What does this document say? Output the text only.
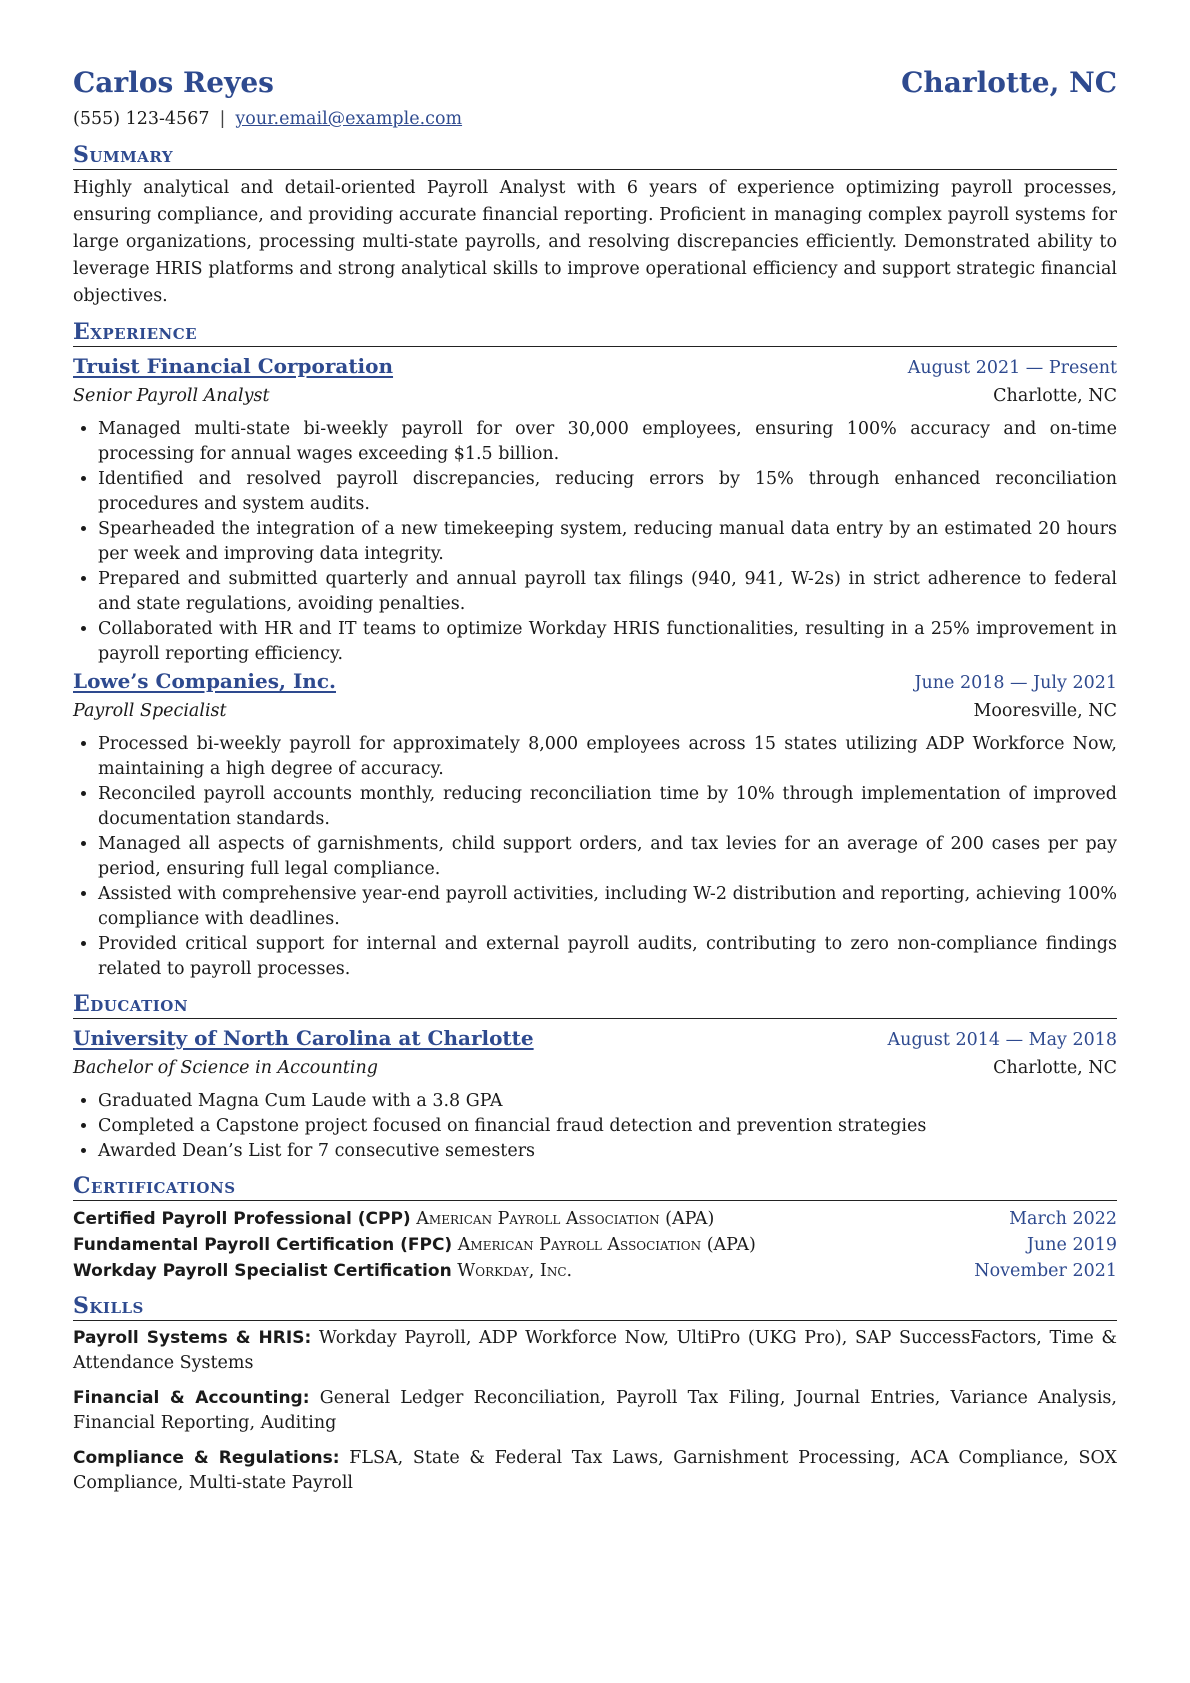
Carlos Reyes	Charlotte, NC
(555) 123-4567 | your.email@example.com
Summary

Highly analytical and detail-oriented Payroll Analyst with 6 years of experience optimizing payroll processes, ensuring compliance, and providing accurate financial reporting. Proficient in managing complex payroll systems for large organizations, processing multi-state payrolls, and resolving discrepancies efficiently. Demonstrated ability to leverage HRIS platforms and strong analytical skills to improve operational efficiency and support strategic financial objectives.

Experience
Truist Financial Corporation	August 2021 — Present
Senior Payroll Analyst	Charlotte, NC
• Managed multi-state bi-weekly payroll for over 30,000 employees, ensuring 100% accuracy and on-time processing for annual wages exceeding $1.5 billion.
• Identified and resolved payroll discrepancies, reducing errors by 15% through enhanced reconciliation procedures and system audits.
• Spearheaded the integration of a new timekeeping system, reducing manual data entry by an estimated 20 hours per week and improving data integrity.
• Prepared and submitted quarterly and annual payroll tax filings (940, 941, W-2s) in strict adherence to federal and state regulations, avoiding penalties.
• Collaborated with HR and IT teams to optimize Workday HRIS functionalities, resulting in a 25% improvement in payroll reporting efficiency.
Lowe’s Companies, Inc.	June 2018 — July 2021
Payroll Specialist	Mooresville, NC
• Processed bi-weekly payroll for approximately 8,000 employees across 15 states utilizing ADP Workforce Now, maintaining a high degree of accuracy.
• Reconciled payroll accounts monthly, reducing reconciliation time by 10% through implementation of improved documentation standards.
• Managed all aspects of garnishments, child support orders, and tax levies for an average of 200 cases per pay period, ensuring full legal compliance.
• Assisted with comprehensive year-end payroll activities, including W-2 distribution and reporting, achieving 100% compliance with deadlines.
• Provided critical support for internal and external payroll audits, contributing to zero non-compliance findings related to payroll processes.
Education
University of North Carolina at Charlotte	August 2014 — May 2018
Bachelor of Science in Accounting	Charlotte, NC
• Graduated Magna Cum Laude with a 3.8 GPA
• Completed a Capstone project focused on financial fraud detection and prevention strategies
• Awarded Dean’s List for 7 consecutive semesters
Certifications
Certified Payroll Professional (CPP) American Payroll Association (APA)	March 2022
Fundamental Payroll Certification (FPC) American Payroll Association (APA)	June 2019
Workday Payroll Specialist Certification Workday, Inc.	November 2021
Skills

Payroll Systems & HRIS: Workday Payroll, ADP Workforce Now, UltiPro (UKG Pro), SAP SuccessFactors, Time & Attendance Systems

Financial & Accounting: General Ledger Reconciliation, Payroll Tax Filing, Journal Entries, Variance Analysis, Financial Reporting, Auditing

Compliance & Regulations: FLSA, State & Federal Tax Laws, Garnishment Processing, ACA Compliance, SOX Compliance, Multi-state Payroll
